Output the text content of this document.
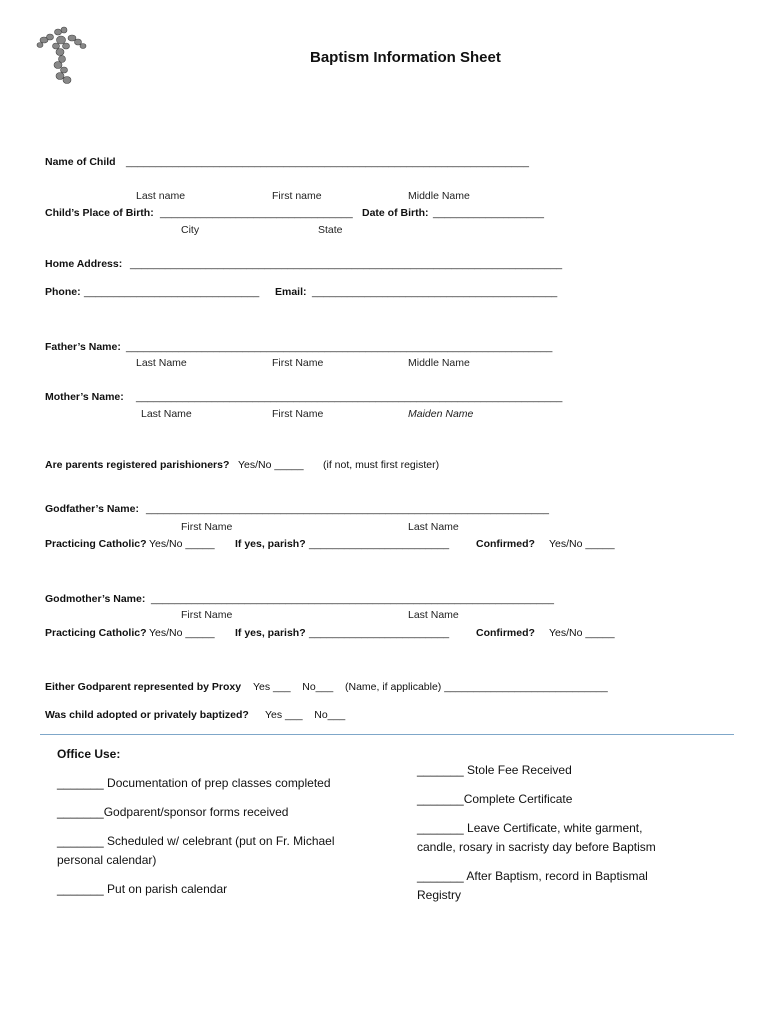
Baptism Information Sheet
Name of Child _____________________________________________________________________
Last name	First name	Middle Name
Child’s Place of Birth: _________________________________ Date of Birth: ___________________
City	State
Home Address: __________________________________________________________________________
Phone: ______________________________ Email: __________________________________________
Father’s Name: _________________________________________________________________________
Last Name	First Name	Middle Name
Mother’s Name: _________________________________________________________________________
Last Name	First Name	Maiden Name
Are parents registered parishioners? Yes/No _____ (if not, must first register)
Godfather’s Name: _____________________________________________________________________
First Name	Last Name
Practicing Catholic? Yes/No _____ If yes, parish? ________________________	Confirmed? Yes/No _____
Godmother’s Name: _____________________________________________________________________
First Name	Last Name
Practicing Catholic? Yes/No _____ If yes, parish? ________________________	Confirmed? Yes/No _____
Either Godparent represented by Proxy Yes ___    No___ (Name, if applicable) ____________________________
Was child adopted or privately baptized? Yes ___    No___
Office Use:
_______ Documentation of prep classes completed
_______Godparent/sponsor forms received
_______ Scheduled w/ celebrant (put on Fr. Michael
personal calendar)
_______ Put on parish calendar
_______ Stole Fee Received
_______Complete Certificate
_______ Leave Certificate, white garment,
candle, rosary in sacristy day before Baptism
_______ After Baptism, record in Baptismal
Registry
